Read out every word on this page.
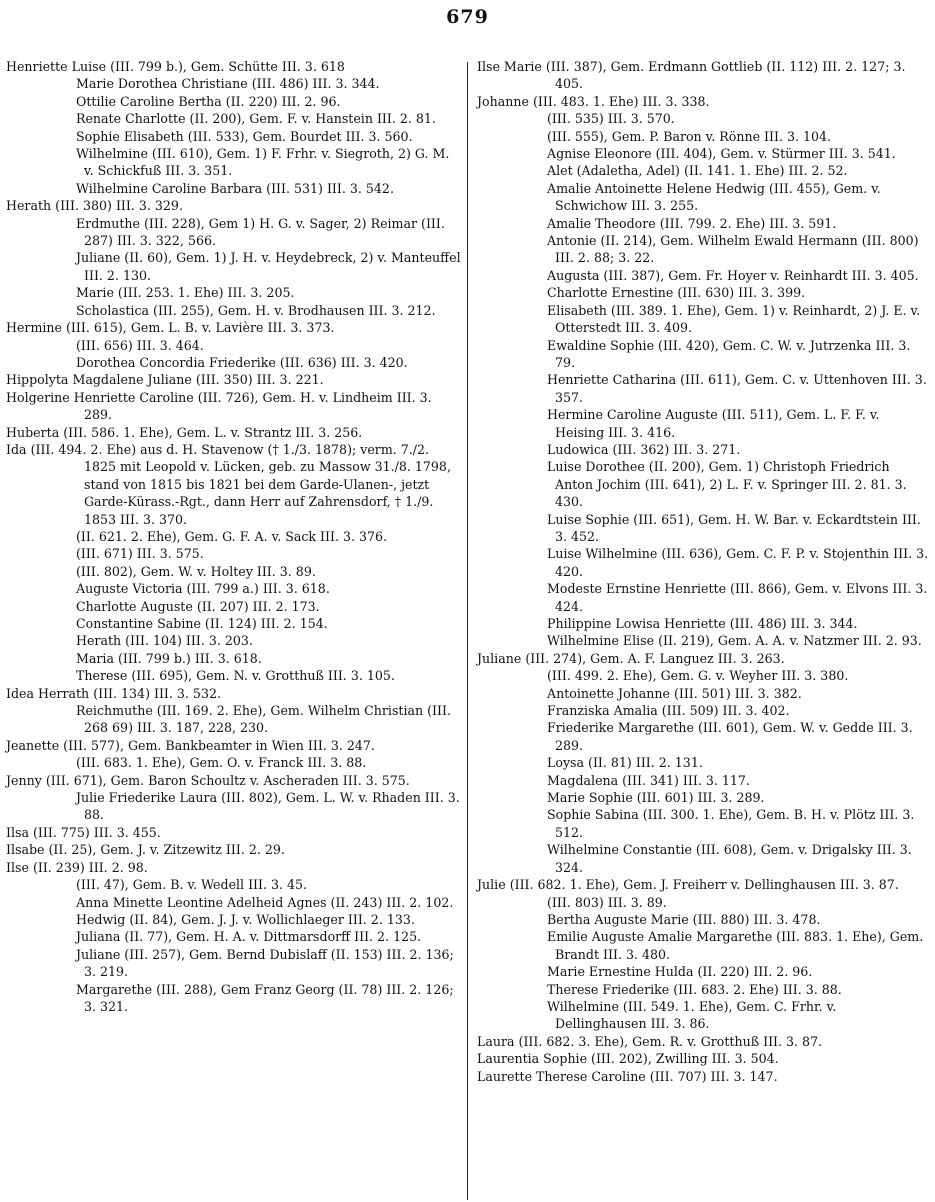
679
Henriette Luise (III. 799 b.), Gem. Schütte III. 3. 618
Marie Dorothea Christiane (III. 486) III. 3. 344.
Ottilie Caroline Bertha (II. 220) III. 2. 96.
Renate Charlotte (II. 200), Gem. F. v. Hanstein III. 2. 81.
Sophie Elisabeth (III. 533), Gem. Bourdet III. 3. 560.
Wilhelmine (III. 610), Gem. 1) F. Frhr. v. Siegroth, 2) G. M. v. Schickfuß III. 3. 351.
Wilhelmine Caroline Barbara (III. 531) III. 3. 542.
Herath (III. 380) III. 3. 329.
Erdmuthe (III. 228), Gem 1) H. G. v. Sager, 2) Reimar (III. 287) III. 3. 322, 566.
Juliane (II. 60), Gem. 1) J. H. v. Heydebreck, 2) v. Manteuffel III. 2. 130.
Marie (III. 253. 1. Ehe) III. 3. 205.
Scholastica (III. 255), Gem. H. v. Brodhausen III. 3. 212.
Hermine (III. 615), Gem. L. B. v. Lavière III. 3. 373.
(III. 656) III. 3. 464.
Dorothea Concordia Friederike (III. 636) III. 3. 420.
Hippolyta Magdalene Juliane (III. 350) III. 3. 221.
Holgerine Henriette Caroline (III. 726), Gem. H. v. Lindheim III. 3. 289.
Huberta (III. 586. 1. Ehe), Gem. L. v. Strantz III. 3. 256.
Ida (III. 494. 2. Ehe) aus d. H. Stavenow († 1./3. 1878); verm. 7./2. 1825 mit Leopold v. Lücken, geb. zu Massow 31./8. 1798, stand von 1815 bis 1821 bei dem Garde-Ulanen-, jetzt Garde-Kürass.-Rgt., dann Herr auf Zahrensdorf, † 1./9. 1853 III. 3. 370.
(II. 621. 2. Ehe), Gem. G. F. A. v. Sack III. 3. 376.
(III. 671) III. 3. 575.
(III. 802), Gem. W. v. Holtey III. 3. 89.
Auguste Victoria (III. 799 a.) III. 3. 618.
Charlotte Auguste (II. 207) III. 2. 173.
Constantine Sabine (II. 124) III. 2. 154.
Herath (III. 104) III. 3. 203.
Maria (III. 799 b.) III. 3. 618.
Therese (III. 695), Gem. N. v. Grotthuß III. 3. 105.
Idea Herrath (III. 134) III. 3. 532.
Reichmuthe (III. 169. 2. Ehe), Gem. Wilhelm Christian (III. 268 69) III. 3. 187, 228, 230.
Jeanette (III. 577), Gem. Bankbeamter in Wien III. 3. 247.
(III. 683. 1. Ehe), Gem. O. v. Franck III. 3. 88.
Jenny (III. 671), Gem. Baron Schoultz v. Ascheraden III. 3. 575.
Julie Friederike Laura (III. 802), Gem. L. W. v. Rhaden III. 3. 88.
Ilsa (III. 775) III. 3. 455.
Ilsabe (II. 25), Gem. J. v. Zitzewitz III. 2. 29.
Ilse (II. 239) III. 2. 98.
(III. 47), Gem. B. v. Wedell III. 3. 45.
Anna Minette Leontine Adelheid Agnes (II. 243) III. 2. 102.
Hedwig (II. 84), Gem. J. J. v. Wollichlaeger III. 2. 133.
Juliana (II. 77), Gem. H. A. v. Dittmarsdorff III. 2. 125.
Juliane (III. 257), Gem. Bernd Dubislaff (II. 153) III. 2. 136; 3. 219.
Margarethe (III. 288), Gem Franz Georg (II. 78) III. 2. 126; 3. 321.
Ilse Marie (III. 387), Gem. Erdmann Gottlieb (II. 112) III. 2. 127; 3. 405.
Johanne (III. 483. 1. Ehe) III. 3. 338.
(III. 535) III. 3. 570.
(III. 555), Gem. P. Baron v. Rönne III. 3. 104.
Agnise Eleonore (III. 404), Gem. v. Stürmer III. 3. 541.
Alet (Adaletha, Adel) (II. 141. 1. Ehe) III. 2. 52.
Amalie Antoinette Helene Hedwig (III. 455), Gem. v. Schwichow III. 3. 255.
Amalie Theodore (III. 799. 2. Ehe) III. 3. 591.
Antonie (II. 214), Gem. Wilhelm Ewald Hermann (III. 800) III. 2. 88; 3. 22.
Augusta (III. 387), Gem. Fr. Hoyer v. Reinhardt III. 3. 405.
Charlotte Ernestine (III. 630) III. 3. 399.
Elisabeth (III. 389. 1. Ehe), Gem. 1) v. Reinhardt, 2) J. E. v. Otterstedt III. 3. 409.
Ewaldine Sophie (III. 420), Gem. C. W. v. Jutrzenka III. 3. 79.
Henriette Catharina (III. 611), Gem. C. v. Uttenhoven III. 3. 357.
Hermine Caroline Auguste (III. 511), Gem. L. F. F. v. Heising III. 3. 416.
Ludowica (III. 362) III. 3. 271.
Luise Dorothee (II. 200), Gem. 1) Christoph Friedrich Anton Jochim (III. 641), 2) L. F. v. Springer III. 2. 81. 3. 430.
Luise Sophie (III. 651), Gem. H. W. Bar. v. Eckardtstein III. 3. 452.
Luise Wilhelmine (III. 636), Gem. C. F. P. v. Stojenthin III. 3. 420.
Modeste Ernstine Henriette (III. 866), Gem. v. Elvons III. 3. 424.
Philippine Lowisa Henriette (III. 486) III. 3. 344.
Wilhelmine Elise (II. 219), Gem. A. A. v. Natzmer III. 2. 93.
Juliane (III. 274), Gem. A. F. Languez III. 3. 263.
(III. 499. 2. Ehe), Gem. G. v. Weyher III. 3. 380.
Antoinette Johanne (III. 501) III. 3. 382.
Franziska Amalia (III. 509) III. 3. 402.
Friederike Margarethe (III. 601), Gem. W. v. Gedde III. 3. 289.
Loysa (II. 81) III. 2. 131.
Magdalena (III. 341) III. 3. 117.
Marie Sophie (III. 601) III. 3. 289.
Sophie Sabina (III. 300. 1. Ehe), Gem. B. H. v. Plötz III. 3. 512.
Wilhelmine Constantie (III. 608), Gem. v. Drigalsky III. 3. 324.
Julie (III. 682. 1. Ehe), Gem. J. Freiherr v. Dellinghausen III. 3. 87.
(III. 803) III. 3. 89.
Bertha Auguste Marie (III. 880) III. 3. 478.
Emilie Auguste Amalie Margarethe (III. 883. 1. Ehe), Gem. Brandt III. 3. 480.
Marie Ernestine Hulda (II. 220) III. 2. 96.
Therese Friederike (III. 683. 2. Ehe) III. 3. 88.
Wilhelmine (III. 549. 1. Ehe), Gem. C. Frhr. v. Dellinghausen III. 3. 86.
Laura (III. 682. 3. Ehe), Gem. R. v. Grotthuß III. 3. 87.
Laurentia Sophie (III. 202), Zwilling III. 3. 504.
Laurette Therese Caroline (III. 707) III. 3. 147.
